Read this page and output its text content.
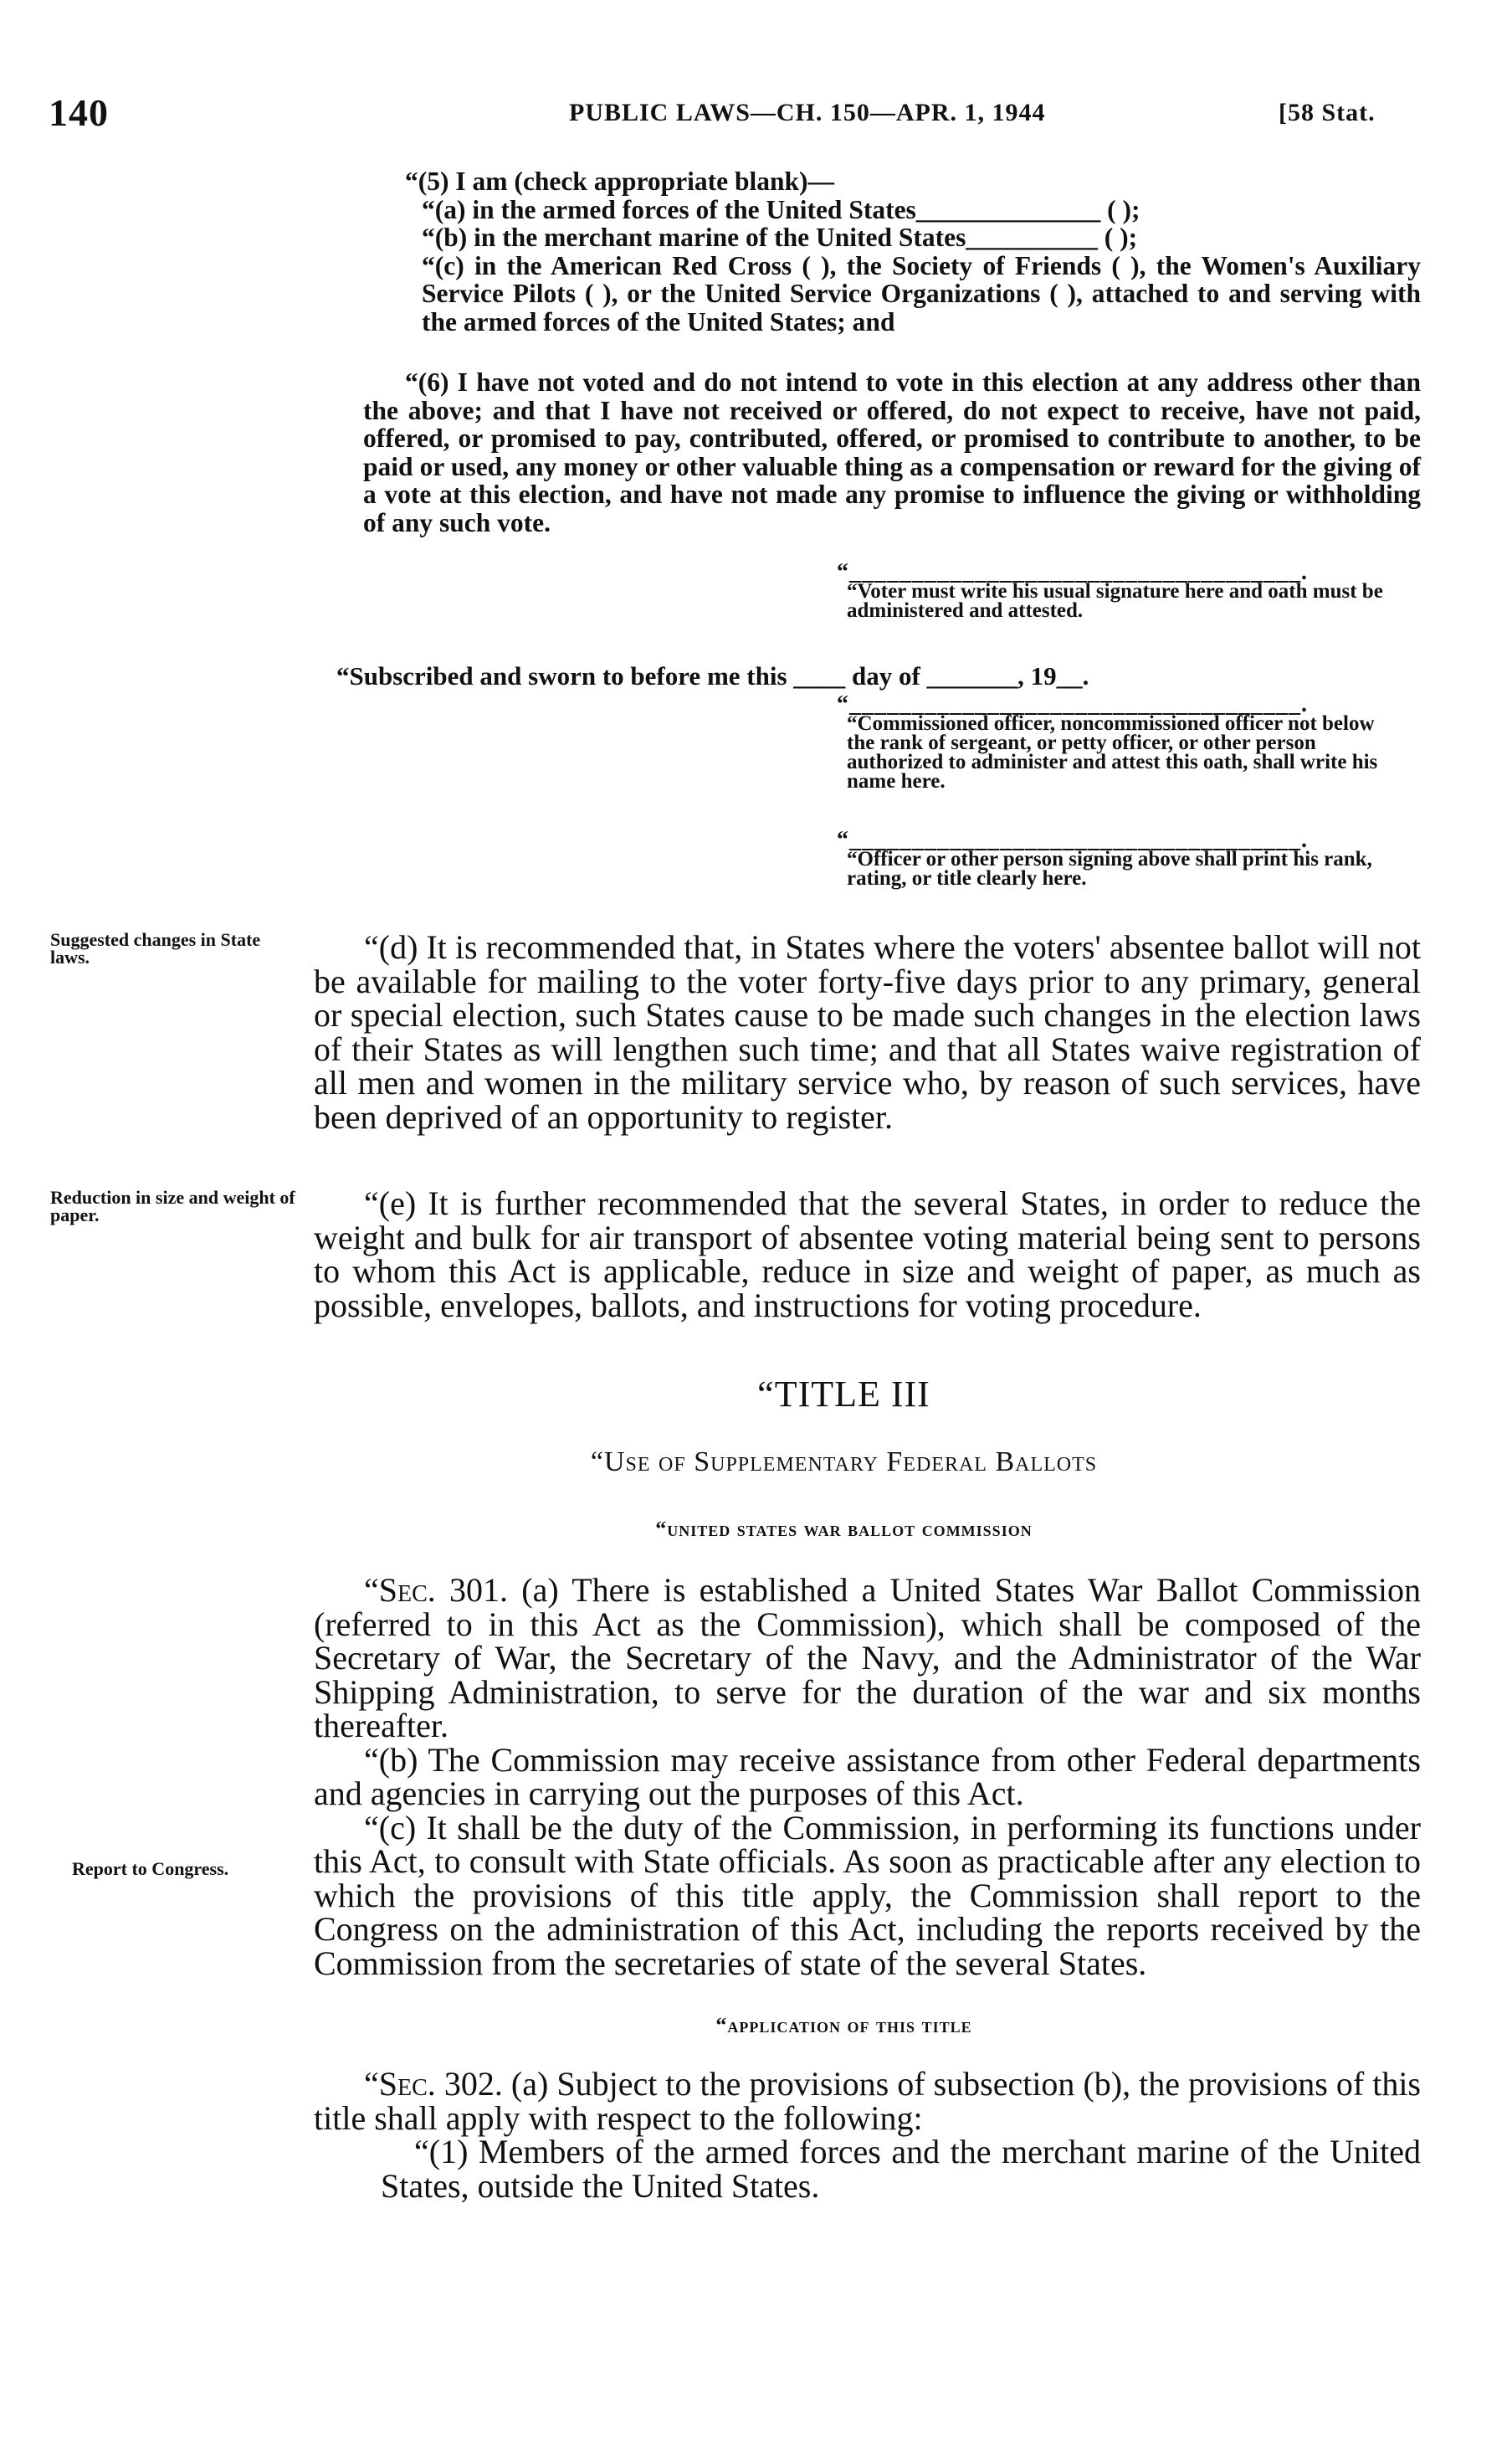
140	PUBLIC LAWS—CH. 150—APR. 1, 1944	[58 Stat.

“(5) I am (check appropriate blank)—

“(a) in the armed forces of the United States______________ ( );

“(b) in the merchant marine of the United States__________ ( );

“(c) in the American Red Cross ( ), the Society of Friends ( ), the Women's Auxiliary Service Pilots ( ), or the United Service Organizations ( ), attached to and serving with the armed forces of the United States; and

“(6) I have not voted and do not intend to vote in this election at any address other than the above; and that I have not received or offered, do not expect to receive, have not paid, offered, or promised to pay, contributed, offered, or promised to contribute to another, to be paid or used, any money or other valuable thing as a compensation or reward for the giving of a vote at this election, and have not made any promise to influence the giving or withholding of any such vote.

“____________________________________.
“Voter must write his usual signature here and oath must be administered and attested.
“Subscribed and sworn to before me this ____ day of _______, 19__.
“____________________________________.
“Commissioned officer, noncommissioned officer not below the rank of sergeant, or petty officer, or other person authorized to administer and attest this oath, shall write his name here.
“____________________________________.
“Officer or other person signing above shall print his rank, rating, or title clearly here.
Suggested changes in State laws.
Reduction in size and weight of paper.
Report to Congress.

“(d) It is recommended that, in States where the voters' absentee ballot will not be available for mailing to the voter forty-five days prior to any primary, general or special election, such States cause to be made such changes in the election laws of their States as will lengthen such time; and that all States waive registration of all men and women in the military service who, by reason of such services, have been deprived of an opportunity to register.

“(e) It is further recommended that the several States, in order to reduce the weight and bulk for air transport of absentee voting material being sent to persons to whom this Act is applicable, reduce in size and weight of paper, as much as possible, envelopes, ballots, and instructions for voting procedure.

“TITLE III
“Use of Supplementary Federal Ballots
“united states war ballot commission

“Sec. 301. (a) There is established a United States War Ballot Commission (referred to in this Act as the Commission), which shall be composed of the Secretary of War, the Secretary of the Navy, and the Administrator of the War Shipping Administration, to serve for the duration of the war and six months thereafter.

“(b) The Commission may receive assistance from other Federal departments and agencies in carrying out the purposes of this Act.

“(c) It shall be the duty of the Commission, in performing its functions under this Act, to consult with State officials. As soon as practicable after any election to which the provisions of this title apply, the Commission shall report to the Congress on the administration of this Act, including the reports received by the Commission from the secretaries of state of the several States.

“application of this title

“Sec. 302. (a) Subject to the provisions of subsection (b), the provisions of this title shall apply with respect to the following:

“(1) Members of the armed forces and the merchant marine of the United States, outside the United States.
